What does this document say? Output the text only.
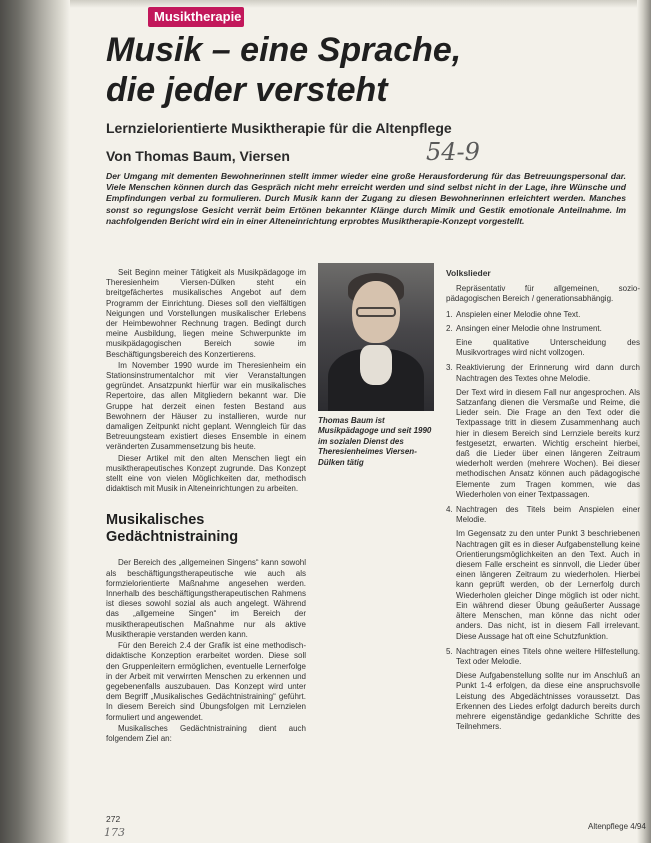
Musiktherapie
Musik – eine Sprache,
die jeder versteht
Lernzielorientierte Musiktherapie für die Altenpflege
Von Thomas Baum, Viersen	54-9

Der Umgang mit dementen Bewohnerinnen stellt immer wieder eine große Herausforderung für das Betreuungspersonal dar. Viele Menschen können durch das Gespräch nicht mehr erreicht werden und sind selbst nicht in der Lage, ihre Wünsche und Empfindungen verbal zu formulieren. Durch Musik kann der Zugang zu diesen Bewohnerinnen erleichtert werden. Manches sonst so regungslose Gesicht verrät beim Ertönen bekannter Klänge durch Mimik und Gestik emotionale Anteilnahme. Im nachfolgenden Bericht wird ein in einer Alteneinrichtung erprobtes Musiktherapie-Konzept vorgestellt.

Seit Beginn meiner Tätigkeit als Musikpädagoge im Theresienheim Viersen-Dülken steht ein breitgefächertes musikalisches Angebot auf dem Programm der Einrichtung. Dieses soll den vielfältigen Neigungen und Vorstellungen musikalischer Erlebens der Heimbewohner Rechnung tragen. Bedingt durch meine Ausbildung, liegen meine Schwerpunkte im musikpädagogischen Bereich sowie im Beschäftigungsbereich des Konzertierens.

Im November 1990 wurde im Theresienheim ein Stationsinstrumentalchor mit vier Veranstaltungen gegründet. Ansatzpunkt hierfür war ein musikalisches Repertoire, das allen Mitgliedern bekannt war. Die Gruppe hat derzeit einen festen Bestand aus Bewohnern der Häuser zu installieren, wurde nur damaligen Zeitpunkt nicht geplant. Wenngleich für das Betreuungsteam existiert dieses Ensemble in einem veränderten Zusammensetzung bis heute.

Dieser Artikel mit den alten Menschen liegt ein musiktherapeutisches Konzept zugrunde. Das Konzept stellt eine von vielen Möglichkeiten dar, methodisch didaktisch mit Musik in Alteneinrichtungen zu arbeiten.

Musikalisches Gedächtnistraining

Der Bereich des „allgemeinen Singens“ kann sowohl als beschäftigungstherapeutische wie auch als formzielorientierte Maßnahme angesehen werden. Innerhalb des beschäftigungstherapeutischen Rahmens ist dieses sowohl sozial als auch angelegt. Während das „allgemeine Singen“ im Bereich der musiktherapeutischen Maßnahme nur als aktive Musiktherapie verstanden werden kann.

Für den Bereich 2.4 der Grafik ist eine methodisch-didaktische Konzeption erarbeitet worden. Diese soll den Gruppenleitern ermöglichen, eventuelle Lernerfolge in der Arbeit mit verwirrten Menschen zu erkennen und gegebenenfalls auszubauen. Das Konzept wird unter dem Begriff „Musikalisches Gedächtnistraining“ geführt. In diesem Bereich sind Übungsfolgen mit Lernzielen formuliert und angewendet.

Musikalisches Gedächtnistraining dient auch folgendem Ziel an:

Thomas Baum ist Musikpädagoge und seit 1990 im sozialen Dienst des Theresienheimes Viersen-Dülken tätig

Volkslieder

Repräsentativ für allgemeinen, sozio-pädagogischen Bereich / generationsabhängig.

1. Anspielen einer Melodie ohne Text.
2. Ansingen einer Melodie ohne Instrument.

Eine qualitative Unterscheidung des Musikvortrages wird nicht vollzogen.

3. Reaktivierung der Erinnerung wird dann durch Nachtragen des Textes ohne Melodie.

Der Text wird in diesem Fall nur angesprochen. Als Satzanfang dienen die Versmaße und Reime, die Lieder sein. Die Frage an den Text oder die Textpassage tritt in diesem Zusammenhang auch hier in diesem Bereich sind Lernziele bereits kurz festgesetzt, erwarten. Wichtig erscheint hierbei, daß die Lieder über einen längeren Zeitraum wiederholt werden (mehrere Wochen). Bei dieser methodischen Ansatz können auch pädagogische Elemente zum Tragen kommen, wie das Wiederholen von einer Textpassagen.

4. Nachtragen des Titels beim Anspielen einer Melodie.

Im Gegensatz zu den unter Punkt 3 beschriebenen Nachtragen gilt es in dieser Aufgabenstellung keine Orientierungsmöglichkeiten an den Text. Auch in diesem Falle erscheint es sinnvoll, die Lieder über einen längeren Zeitraum zu wiederholen. Hierbei kann geprüft werden, ob der Lernerfolg durch Wiederholen gleicher Dinge möglich ist oder nicht. Ein während dieser Übung geäußerter Aussage ältere Menschen, man könne das nicht oder anders. Das nicht, ist in diesem Fall irrelevant. Diese Aussage hat oft eine Schutzfunktion.

5. Nachtragen eines Titels ohne weitere Hilfestellung. Text oder Melodie.

Diese Aufgabenstellung sollte nur im Anschluß an Punkt 1-4 erfolgen, da diese eine anspruchsvolle Leistung des Abgedächtnisses voraussetzt. Das Erkennen des Liedes erfolgt dadurch bereits durch mehrere eigenständige gedankliche Schritte des Teilnehmers.

272
173	Altenpflege 4/94
